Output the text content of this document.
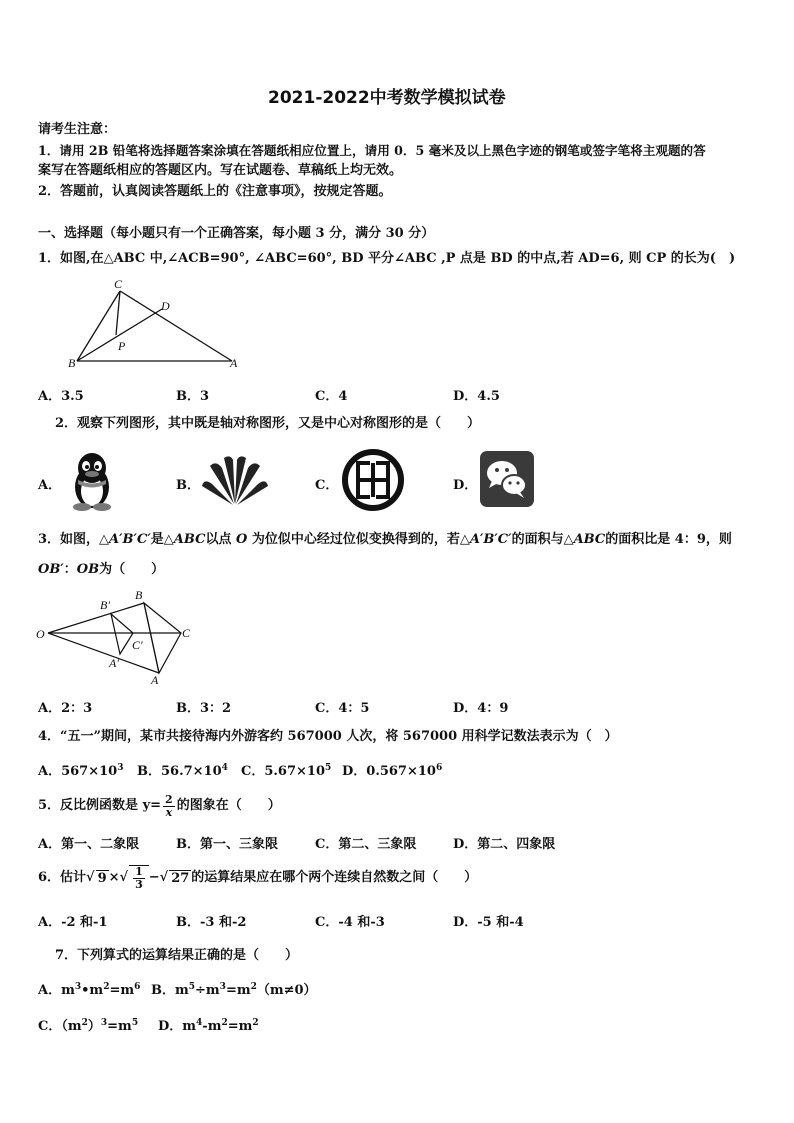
2021-2022中考数学模拟试卷
请考生注意：
1．请用 2B 铅笔将选择题答案涂填在答题纸相应位置上，请用 0．5 毫米及以上黑色字迹的钢笔或签字笔将主观题的答
案写在答题纸相应的答题区内。写在试题卷、草稿纸上均无效。
2．答题前，认真阅读答题纸上的《注意事项》，按规定答题。
一、选择题（每小题只有一个正确答案，每小题 3 分，满分 30 分）
1．如图,在△ABC 中,∠ACB=90°, ∠ABC=60°, BD 平分∠ABC ,P 点是 BD 的中点,若 AD=6, 则 CP 的长为(　)
C
D
P
B	A
A．3.5	B．3	C．4	D．4.5
2．观察下列图形，其中既是轴对称图形，又是中心对称图形的是（　　）
A．	B．	C．	D．
3．如图，△A′B′C′是△ABC以点 O 为位似中心经过位似变换得到的，若△A′B′C′的面积与△ABC的面积比是 4：9，则
OB′：OB为（　　）
B′
B
O
C′
C
A′
A
A．2：3	B．3：2	C．4：5	D．4：9
4．“五一”期间，某市共接待海内外游客约 567000 人次，将 567000 用科学记数法表示为（　）
A．$567\times 10^3$ B．$56.7\times 10^4$ C．$5.67\times 10^5$ D．$0.567\times 10^6$
5．反比例函数是 $y= \frac{2}{x}$ 的图象在（　　）
A．第一、二象限	B．第一、三象限	C．第二、三象限	D．第二、四象限
6．估计 √ 9 × √ $\frac{1}{3}$ − √ 27 的运算结果应在哪个两个连续自然数之间（　　）
A．-2 和-1	B．-3 和-2	C．-4 和-3	D．-5 和-4
7．下列算式的运算结果正确的是（　　）
A．$m^3•m^2=m^6$ B．$m^5\div m^3=m^2(m\ne 0)$
C．$(m^2)^3=m^5$ D．$m^4-m^2=m^2$
